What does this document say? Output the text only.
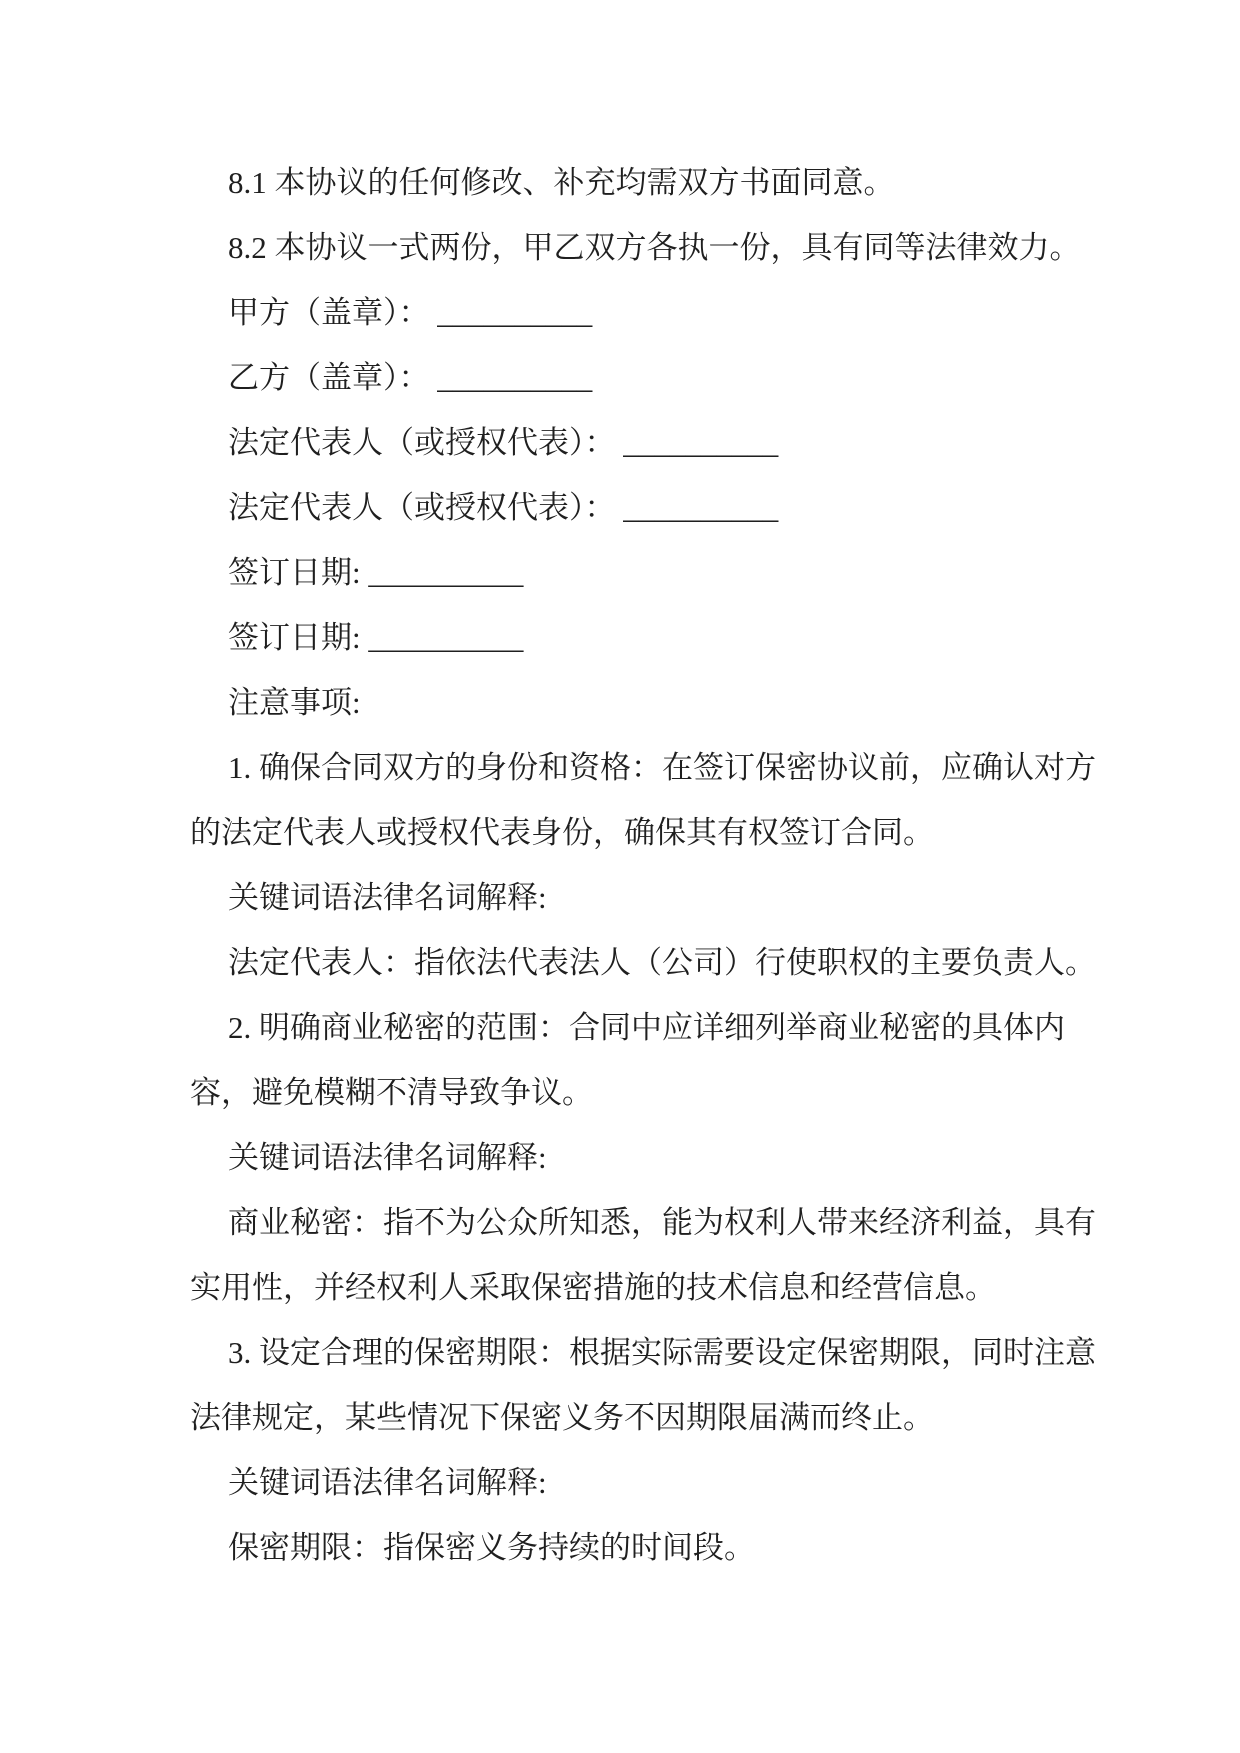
8.1 本协议的任何修改、补充均需双方书面同意。
8.2 本协议一式两份，甲乙双方各执一份，具有同等法律效力。
甲方（盖章）： __________
乙方（盖章）： __________
法定代表人（或授权代表）： __________
法定代表人（或授权代表）： __________
签订日期: __________
签订日期: __________
注意事项:
1. 确保合同双方的身份和资格：在签订保密协议前，应确认对方
的法定代表人或授权代表身份，确保其有权签订合同。
关键词语法律名词解释:
法定代表人：指依法代表法人（公司）行使职权的主要负责人。
2. 明确商业秘密的范围：合同中应详细列举商业秘密的具体内
容，避免模糊不清导致争议。
关键词语法律名词解释:
商业秘密：指不为公众所知悉，能为权利人带来经济利益，具有
实用性，并经权利人采取保密措施的技术信息和经营信息。
3. 设定合理的保密期限：根据实际需要设定保密期限，同时注意
法律规定，某些情况下保密义务不因期限届满而终止。
关键词语法律名词解释:
保密期限：指保密义务持续的时间段。
